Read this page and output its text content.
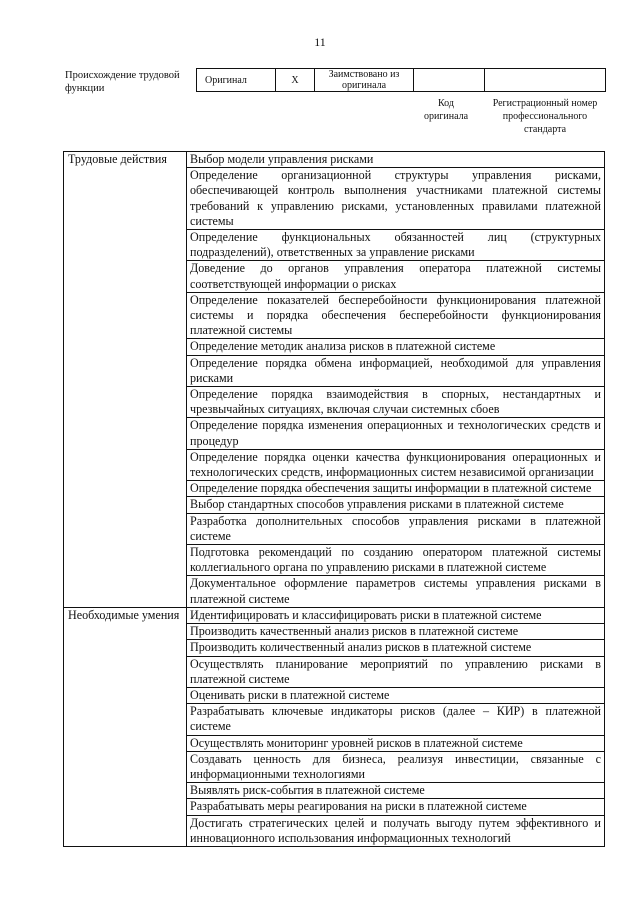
11
Происхождение трудовой функции
Оригинал	X	Заимствовано из оригинала		
Код оригинала
Регистрационный номер профессионального стандарта
Трудовые действия	Выбор модели управления рисками
	Определение организационной структуры управления рисками, обеспечивающей контроль выполнения участниками платежной системы требований к управлению рисками, установленных правилами платежной системы
	Определение функциональных обязанностей лиц (структурных подразделений), ответственных за управление рисками
	Доведение до органов управления оператора платежной системы соответствующей информации о рисках
	Определение показателей бесперебойности функционирования платежной системы и порядка обеспечения бесперебойности функционирования платежной системы
	Определение методик анализа рисков в платежной системе
	Определение порядка обмена информацией, необходимой для управления рисками
	Определение порядка взаимодействия в спорных, нестандартных и чрезвычайных ситуациях, включая случаи системных сбоев
	Определение порядка изменения операционных и технологических средств и процедур
	Определение порядка оценки качества функционирования операционных и технологических средств, информационных систем независимой организации
	Определение порядка обеспечения защиты информации в платежной системе
	Выбор стандартных способов управления рисками в платежной системе
	Разработка дополнительных способов управления рисками в платежной системе
	Подготовка рекомендаций по созданию оператором платежной системы коллегиального органа по управлению рисками в платежной системе
	Документальное оформление параметров системы управления рисками в платежной системе
Необходимые умения	Идентифицировать и классифицировать риски в платежной системе
	Производить качественный анализ рисков в платежной системе
	Производить количественный анализ рисков в платежной системе
	Осуществлять планирование мероприятий по управлению рисками в платежной системе
	Оценивать риски в платежной системе
	Разрабатывать ключевые индикаторы рисков (далее – КИР) в платежной системе
	Осуществлять мониторинг уровней рисков в платежной системе
	Создавать ценность для бизнеса, реализуя инвестиции, связанные с информационными технологиями
	Выявлять риск-события в платежной системе
	Разрабатывать меры реагирования на риски в платежной системе
	Достигать стратегических целей и получать выгоду путем эффективного и инновационного использования информационных технологий
